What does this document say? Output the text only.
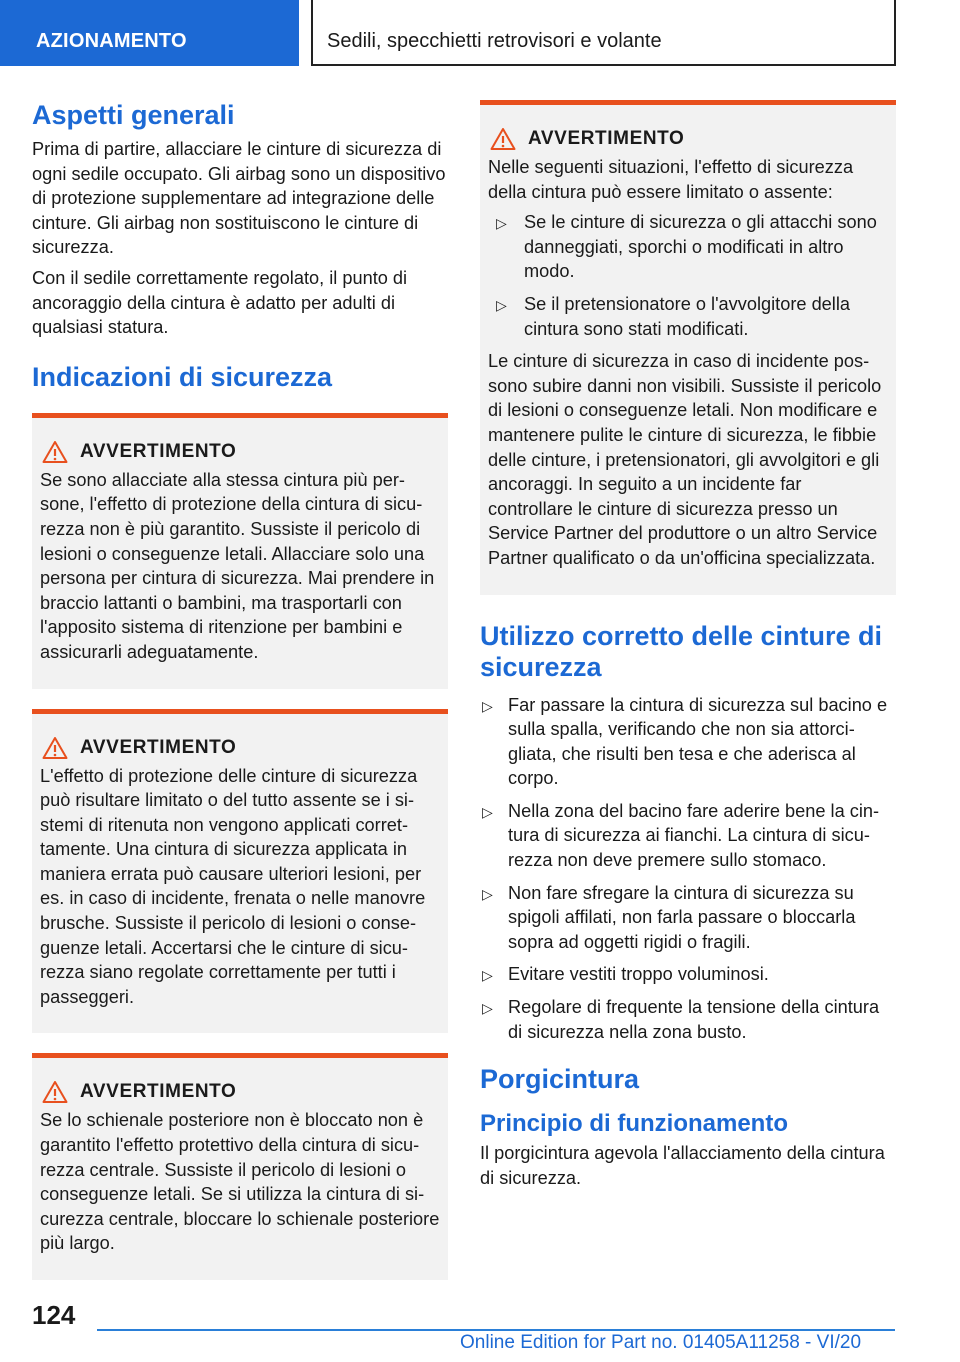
AZIONAMENTO	Sedili, specchietti retrovisori e volante
Aspetti generali

Prima di partire, allacciare le cinture di sicurezza di ogni sedile occupato. Gli airbag sono un dispositivo di protezione supplementare ad integrazione delle cinture. Gli airbag non sostituiscono le cinture di sicurezza.

Con il sedile correttamente regolato, il punto di ancoraggio della cintura è adatto per adulti di qualsiasi statura.

Indicazioni di sicurezza
AVVERTIMENTO

Se sono allacciate alla stessa cintura più persone, l'effetto di protezione della cintura di sicurezza non è più garantito. Sussiste il pericolo di lesioni o conseguenze letali. Allacciare solo una persona per cintura di sicurezza. Mai prendere in braccio lattanti o bambini, ma trasportarli con l'apposito sistema di ritenzione per bambini e assicurarli adeguatamente.

AVVERTIMENTO

L'effetto di protezione delle cinture di sicurezza può risultare limitato o del tutto assente se i sistemi di ritenuta non vengono applicati correttamente. Una cintura di sicurezza applicata in maniera errata può causare ulteriori lesioni, per es. in caso di incidente, frenata o nelle manovre brusche. Sussiste il pericolo di lesioni o conseguenze letali. Accertarsi che le cinture di sicurezza siano regolate correttamente per tutti i passeggeri.

AVVERTIMENTO

Se lo schienale posteriore non è bloccato non è garantito l'effetto protettivo della cintura di sicurezza centrale. Sussiste il pericolo di lesioni o conseguenze letali. Se si utilizza la cintura di sicurezza centrale, bloccare lo schienale posteriore più largo.

AVVERTIMENTO

Nelle seguenti situazioni, l'effetto di sicurezza della cintura può essere limitato o assente:

▷ Se le cinture di sicurezza o gli attacchi sono danneggiati, sporchi o modificati in altro modo.
▷ Se il pretensionatore o l'avvolgitore della cintura sono stati modificati.

Le cinture di sicurezza in caso di incidente possono subire danni non visibili. Sussiste il pericolo di lesioni o conseguenze letali. Non modificare e mantenere pulite le cinture di sicurezza, le fibbie delle cinture, i pretensionatori, gli avvolgitori e gli ancoraggi. In seguito a un incidente far controllare le cinture di sicurezza presso un Service Partner del produttore o un altro Service Partner qualificato o da un'officina specializzata.

Utilizzo corretto delle cinture di sicurezza
▷ Far passare la cintura di sicurezza sul bacino e sulla spalla, verificando che non sia attorcigliata, che risulti ben tesa e che aderisca al corpo.
▷ Nella zona del bacino fare aderire bene la cintura di sicurezza ai fianchi. La cintura di sicurezza non deve premere sullo stomaco.
▷ Non fare sfregare la cintura di sicurezza su spigoli affilati, non farla passare o bloccarla sopra ad oggetti rigidi o fragili.
▷ Evitare vestiti troppo voluminosi.
▷ Regolare di frequente la tensione della cintura di sicurezza nella zona busto.
Porgicintura
Principio di funzionamento

Il porgicintura agevola l'allacciamento della cintura di sicurezza.

124
Online Edition for Part no. 01405A11258 - VI/20
